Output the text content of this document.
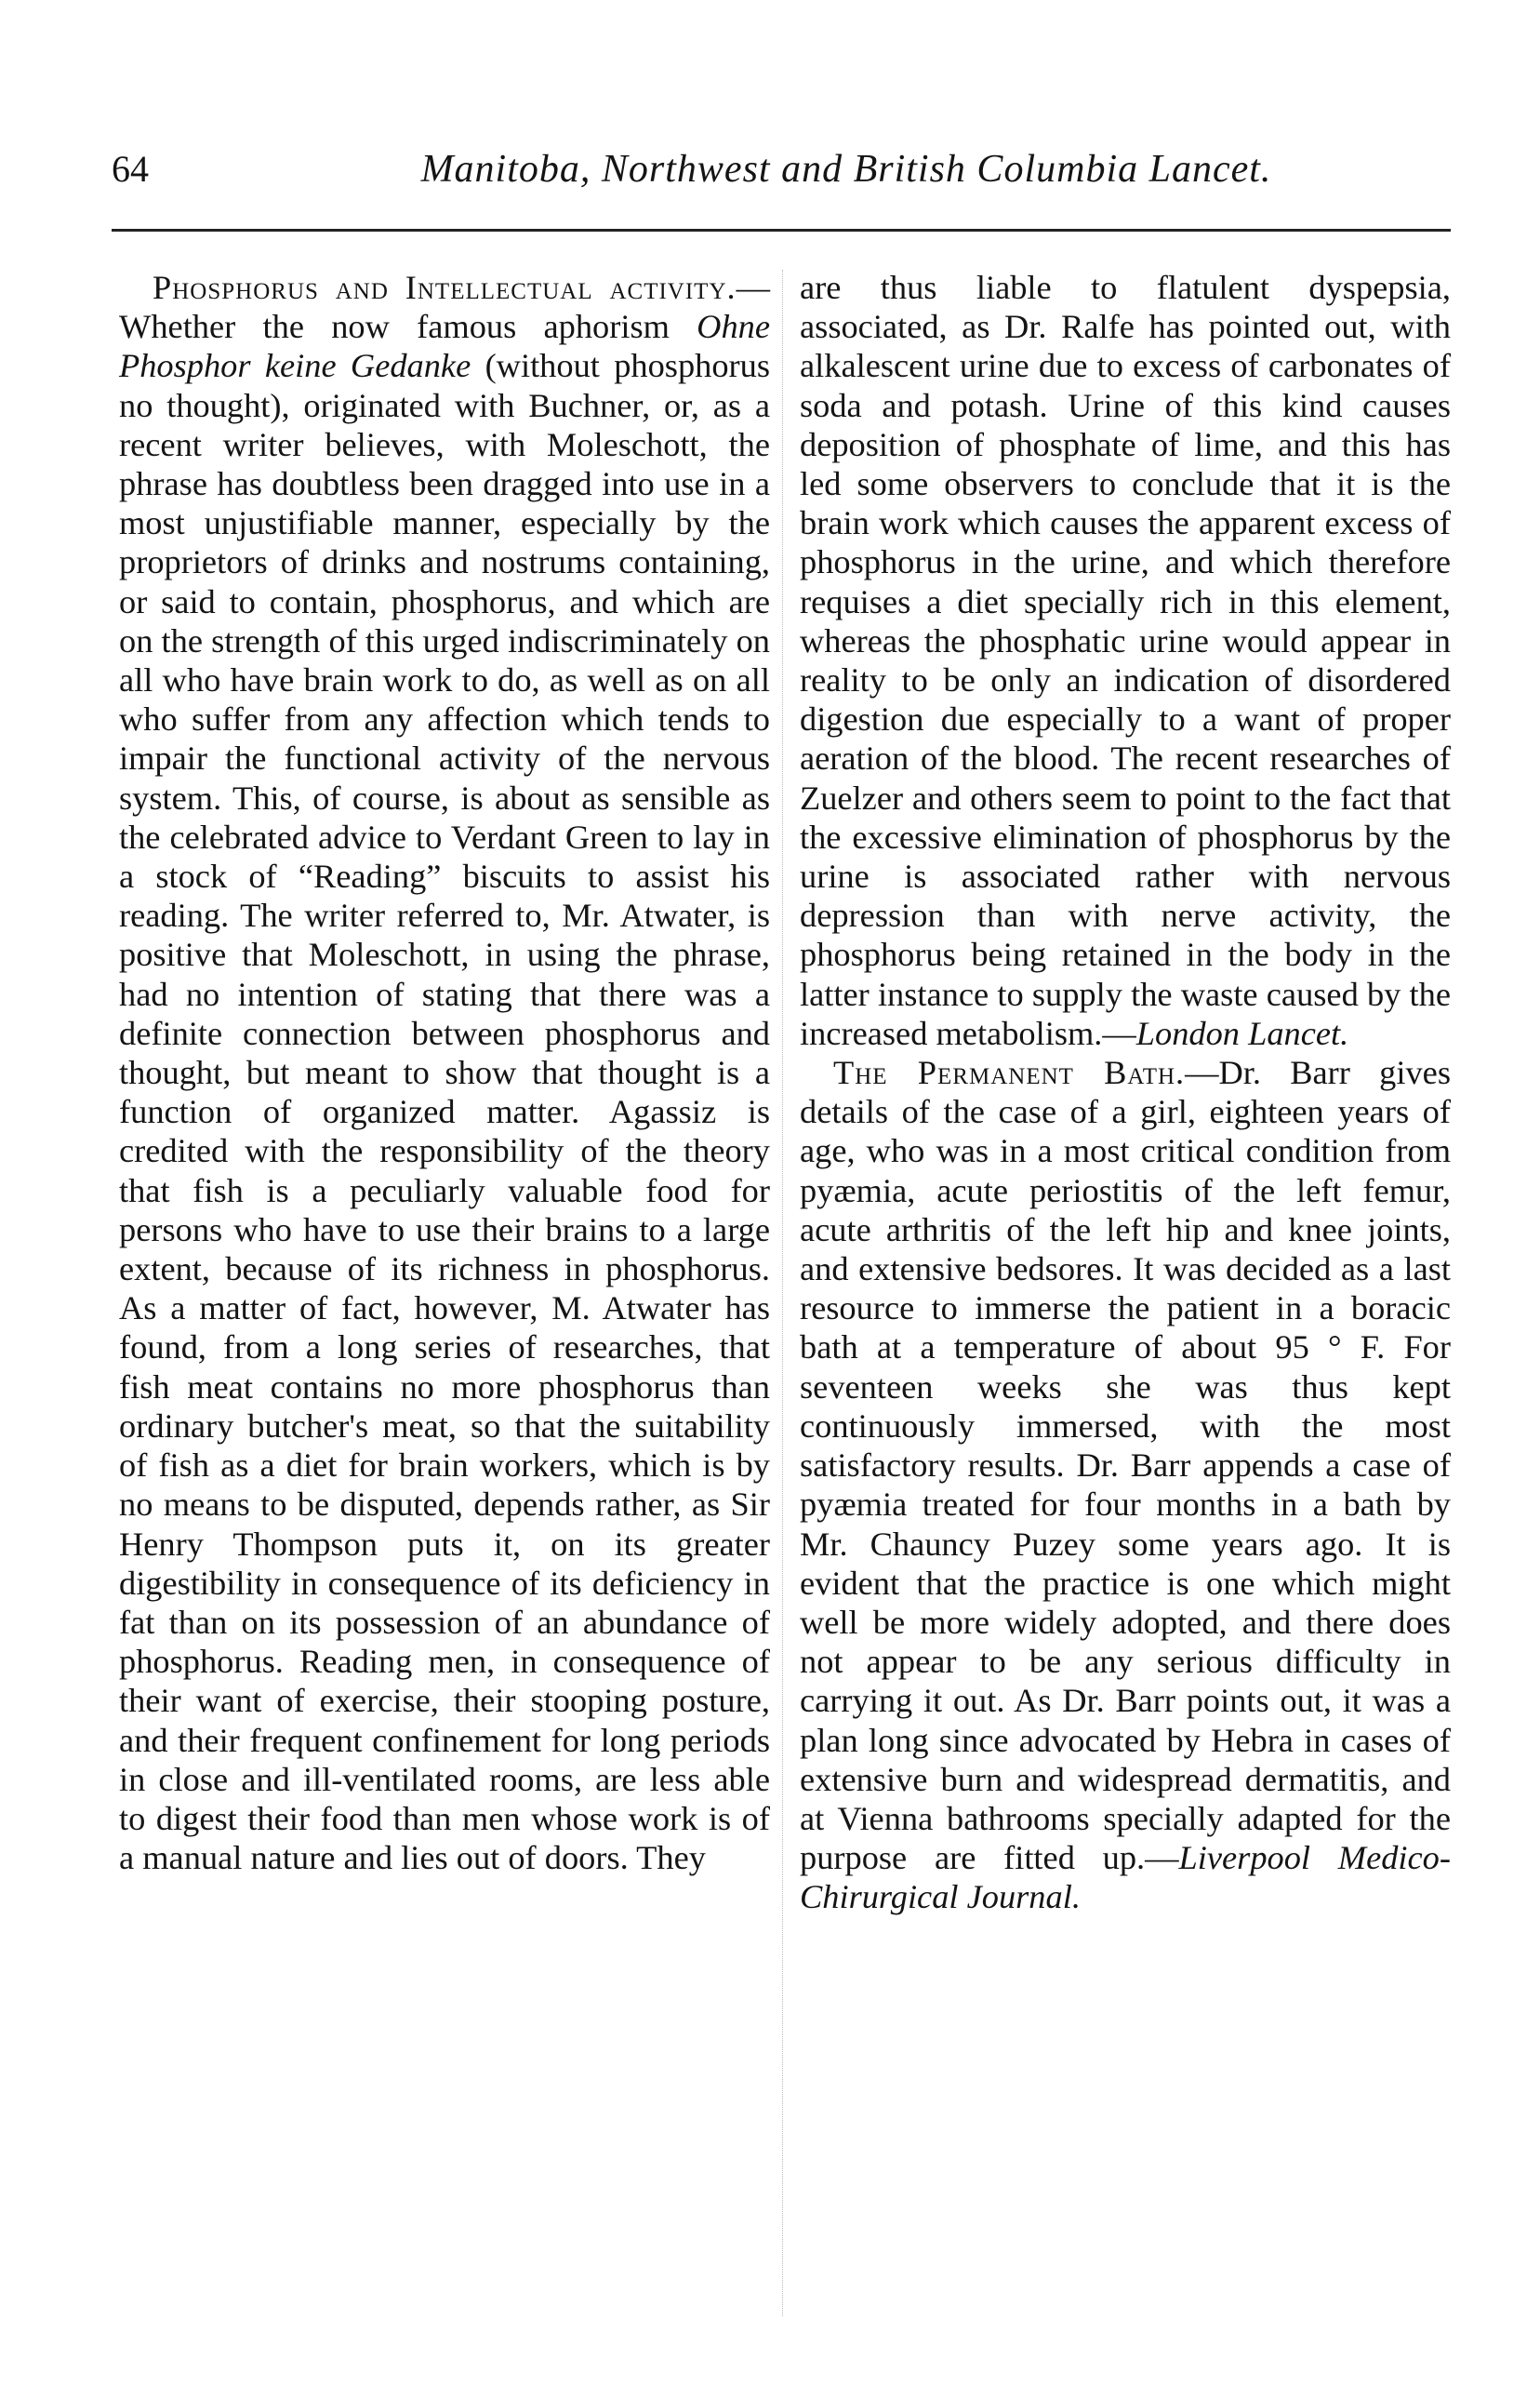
64	Manitoba, Northwest and British Columbia Lancet.

Phosphorus and Intellectual activity.—Whether the now famous aphorism Ohne Phosphor keine Gedanke (without phosphorus no thought), originated with Buchner, or, as a recent writer believes, with Moleschott, the phrase has doubtless been dragged into use in a most unjustifiable manner, especially by the proprietors of drinks and nostrums containing, or said to contain, phosphorus, and which are on the strength of this urged indiscriminately on all who have brain work to do, as well as on all who suffer from any affection which tends to impair the functional activity of the nervous system. This, of course, is about as sensible as the celebrated advice to Verdant Green to lay in a stock of “Reading” biscuits to assist his reading. The writer referred to, Mr. Atwater, is positive that Moleschott, in using the phrase, had no intention of stating that there was a definite connection between phosphorus and thought, but meant to show that thought is a function of organized matter. Agassiz is credited with the responsibility of the theory that fish is a peculiarly valuable food for persons who have to use their brains to a large extent, because of its richness in phosphorus. As a matter of fact, however, M. Atwater has found, from a long series of researches, that fish meat contains no more phosphorus than ordinary butcher's meat, so that the suitability of fish as a diet for brain workers, which is by no means to be disputed, depends rather, as Sir Henry Thompson puts it, on its greater digestibility in consequence of its deficiency in fat than on its possession of an abundance of phosphorus. Reading men, in consequence of their want of exercise, their stooping posture, and their frequent confinement for long periods in close and ill-ventilated rooms, are less able to digest their food than men whose work is of a manual nature and lies out of doors. They

are thus liable to flatulent dyspepsia, associated, as Dr. Ralfe has pointed out, with alkalescent urine due to excess of carbonates of soda and potash. Urine of this kind causes deposition of phosphate of lime, and this has led some observers to conclude that it is the brain work which causes the apparent excess of phosphorus in the urine, and which therefore requises a diet specially rich in this element, whereas the phosphatic urine would appear in reality to be only an indication of disordered digestion due especially to a want of proper aeration of the blood. The recent researches of Zuelzer and others seem to point to the fact that the excessive elimination of phosphorus by the urine is associated rather with nervous depression than with nerve activity, the phosphorus being retained in the body in the latter instance to supply the waste caused by the increased metabolism.—London Lancet.

The Permanent Bath.—Dr. Barr gives details of the case of a girl, eighteen years of age, who was in a most critical condition from pyæmia, acute periostitis of the left femur, acute arthritis of the left hip and knee joints, and extensive bedsores. It was decided as a last resource to immerse the patient in a boracic bath at a temperature of about 95 ° F. For seventeen weeks she was thus kept continuously immersed, with the most satisfactory results. Dr. Barr appends a case of pyæmia treated for four months in a bath by Mr. Chauncy Puzey some years ago. It is evident that the practice is one which might well be more widely adopted, and there does not appear to be any serious difficulty in carrying it out. As Dr. Barr points out, it was a plan long since advocated by Hebra in cases of extensive burn and widespread dermatitis, and at Vienna bathrooms specially adapted for the purpose are fitted up.—Liverpool Medico-Chirurgical Journal.
